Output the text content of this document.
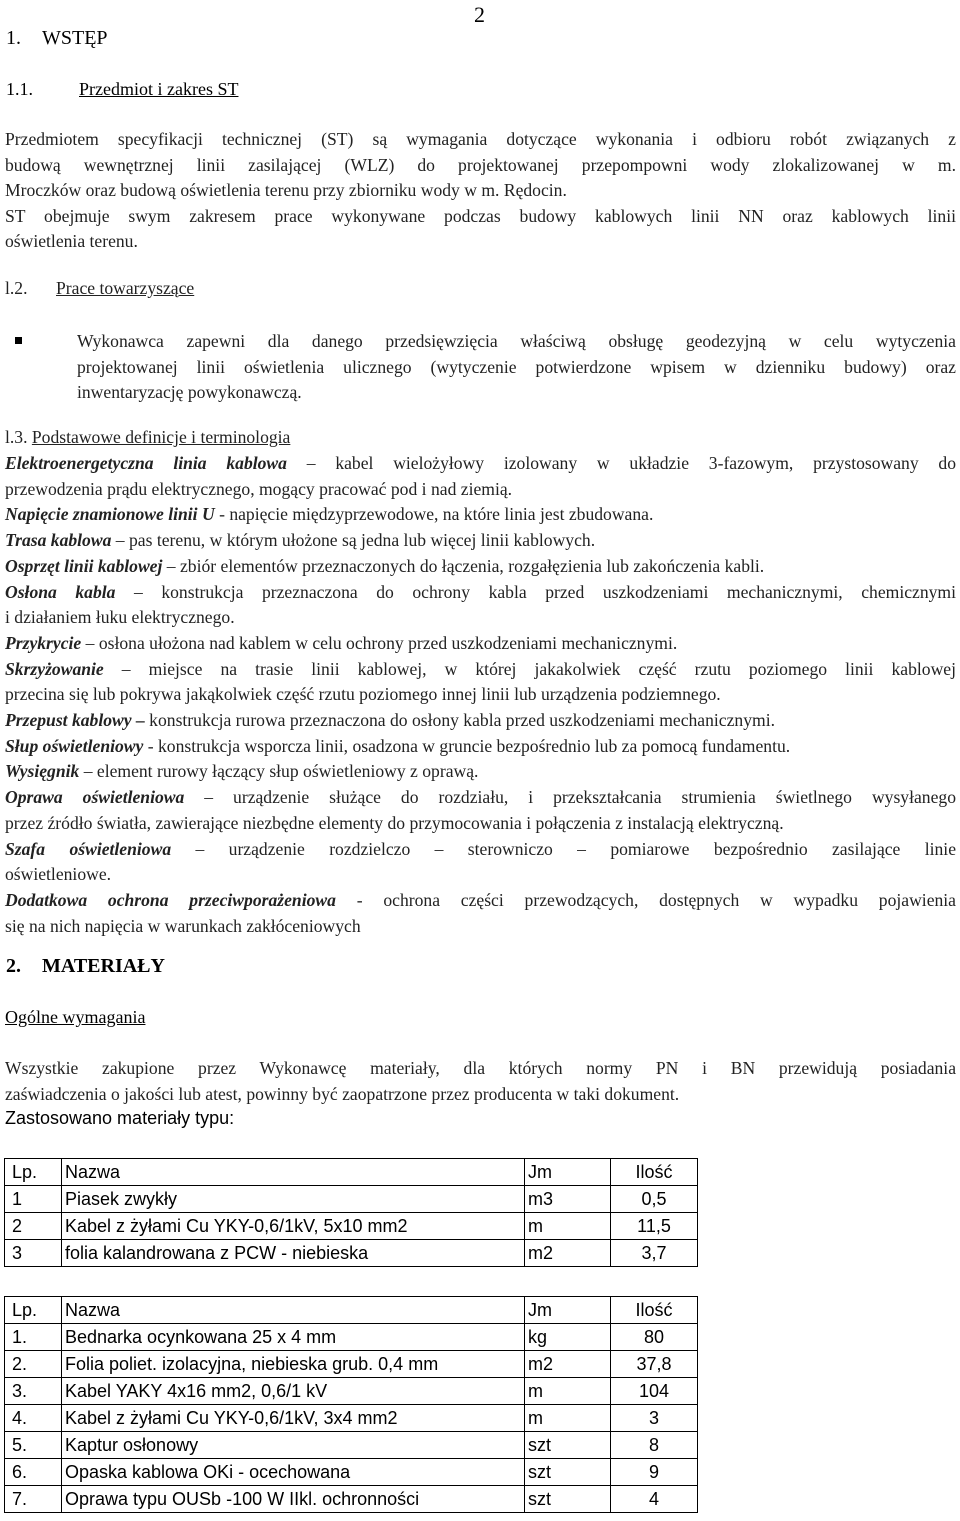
2
1. WSTĘP
1.1.	Przedmiot i zakres ST
Przedmiotem specyfikacji technicznej (ST) są wymagania dotyczące wykonania i odbioru robót związanych z
budową wewnętrznej linii zasilającej (WLZ) do projektowanej przepompowni wody zlokalizowanej w m.
Mroczków oraz budową oświetlenia terenu przy zbiorniku wody w m. Rędocin.
ST obejmuje swym zakresem prace wykonywane podczas budowy kablowych linii NN oraz kablowych linii
oświetlenia terenu.
l.2. Prace towarzyszące
Wykonawca zapewni dla danego przedsięwzięcia właściwą obsługę geodezyjną w celu wytyczenia
projektowanej linii oświetlenia ulicznego (wytyczenie potwierdzone wpisem w dzienniku budowy) oraz
inwentaryzację powykonawczą.
l.3. Podstawowe definicje i terminologia
Elektroenergetyczna linia kablowa – kabel wielożyłowy izolowany w układzie 3-fazowym, przystosowany do
przewodzenia prądu elektrycznego, mogący pracować pod i nad ziemią.
Napięcie znamionowe linii U - napięcie międzyprzewodowe, na które linia jest zbudowana.
Trasa kablowa – pas terenu, w którym ułożone są jedna lub więcej linii kablowych.
Osprzęt linii kablowej – zbiór elementów przeznaczonych do łączenia, rozgałęzienia lub zakończenia kabli.
Osłona kabla – konstrukcja przeznaczona do ochrony kabla przed uszkodzeniami mechanicznymi, chemicznymi
i działaniem łuku elektrycznego.
Przykrycie – osłona ułożona nad kablem w celu ochrony przed uszkodzeniami mechanicznymi.
Skrzyżowanie – miejsce na trasie linii kablowej, w której jakakolwiek część rzutu poziomego linii kablowej
przecina się lub pokrywa jakąkolwiek część rzutu poziomego innej linii lub urządzenia podziemnego.
Przepust kablowy – konstrukcja rurowa przeznaczona do osłony kabla przed uszkodzeniami mechanicznymi.
Słup oświetleniowy - konstrukcja wsporcza linii, osadzona w gruncie bezpośrednio lub za pomocą fundamentu.
Wysięgnik – element rurowy łączący słup oświetleniowy z oprawą.
Oprawa oświetleniowa – urządzenie służące do rozdziału, i przekształcania strumienia świetlnego wysyłanego
przez źródło światła, zawierające niezbędne elementy do przymocowania i połączenia z instalacją elektryczną.
Szafa oświetleniowa – urządzenie rozdzielczo – sterowniczo – pomiarowe bezpośrednio zasilające linie
oświetleniowe.
Dodatkowa ochrona przeciwporażeniowa - ochrona części przewodzących, dostępnych w wypadku pojawienia
się na nich napięcia w warunkach zakłóceniowych
2. MATERIAŁY
Ogólne wymagania
Wszystkie zakupione przez Wykonawcę materiały, dla których normy PN i BN przewidują posiadania
zaświadczenia o jakości lub atest, powinny być zaopatrzone przez producenta w taki dokument.
Zastosowano materiały typu:
Lp.	Nazwa	Jm	Ilość
1	Piasek zwykły	m3	0,5
2	Kabel z żyłami Cu YKY-0,6/1kV, 5x10 mm2	m	11,5
3	folia kalandrowana z PCW - niebieska	m2	3,7
Lp.	Nazwa	Jm	Ilość
1.	Bednarka ocynkowana 25 x 4 mm	kg	80
2.	Folia poliet. izolacyjna, niebieska grub. 0,4 mm	m2	37,8
3.	Kabel YAKY 4x16 mm2, 0,6/1 kV	m	104
4.	Kabel z żyłami Cu YKY-0,6/1kV, 3x4 mm2	m	3
5.	Kaptur osłonowy	szt	8
6.	Opaska kablowa OKi - ocechowana	szt	9
7.	Oprawa typu OUSb -100 W IIkl. ochronności	szt	4
